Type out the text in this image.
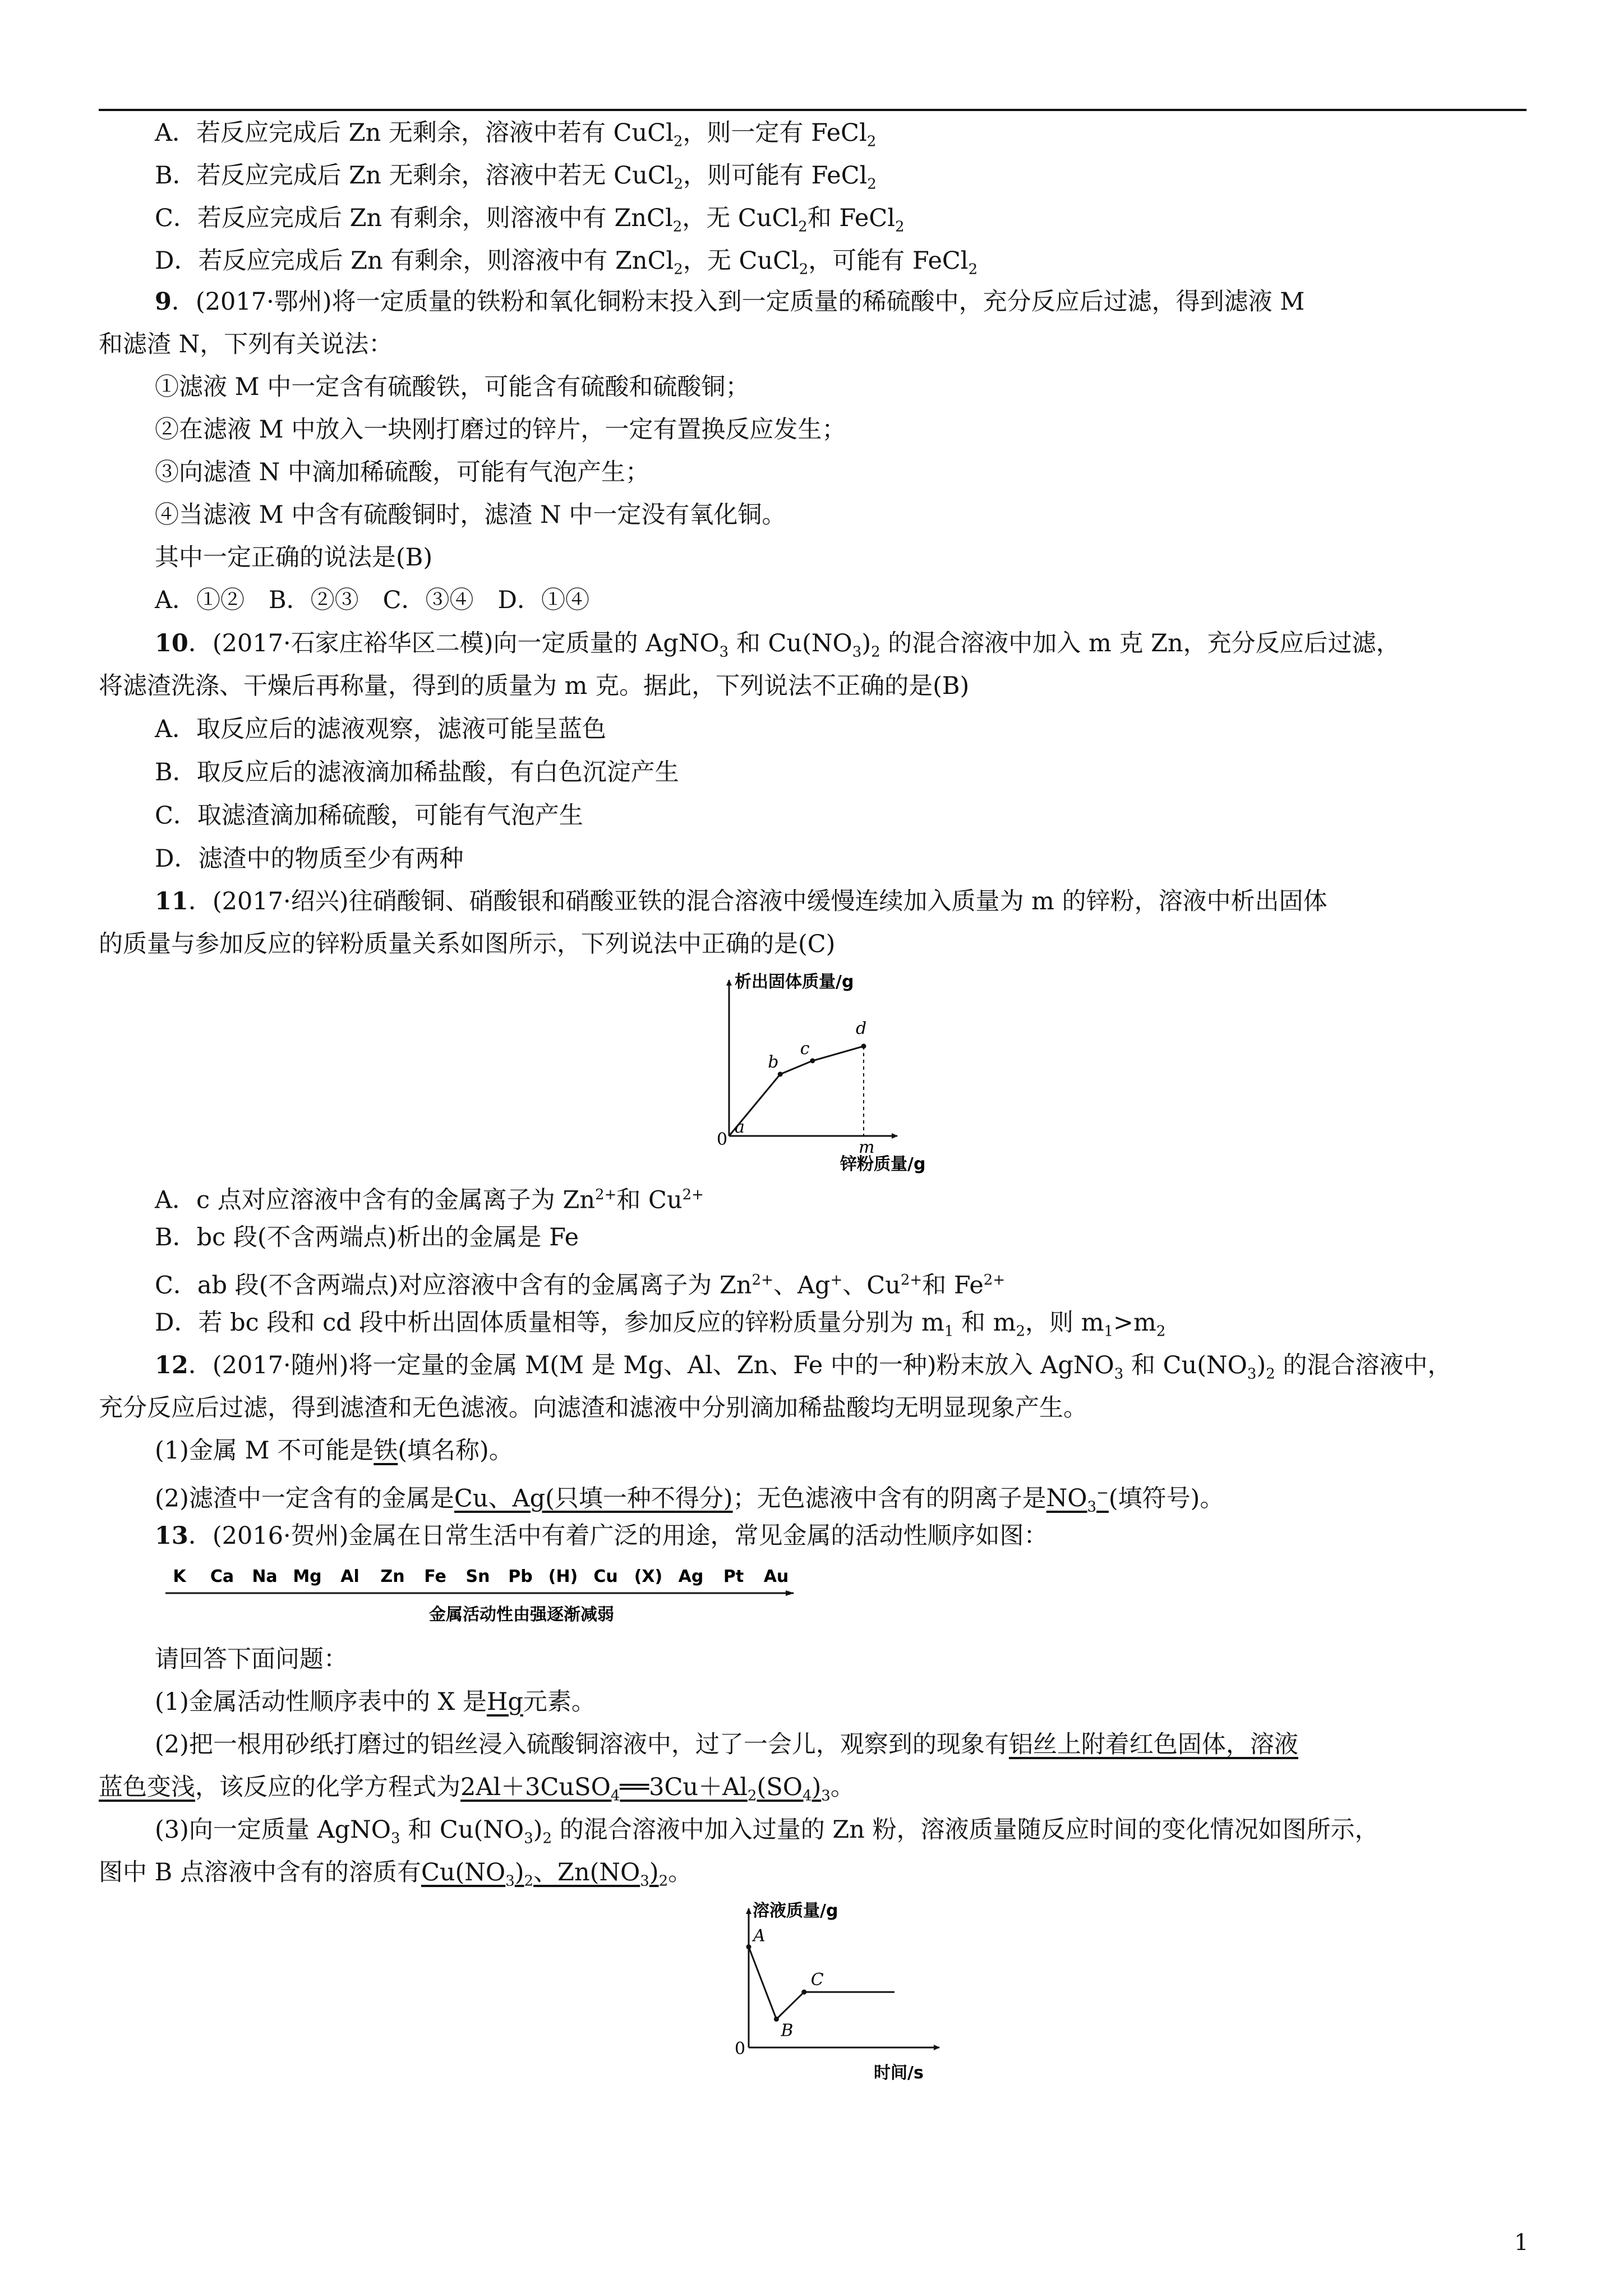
A．若反应完成后 Zn 无剩余，溶液中若有 CuCl$_2$，则一定有 FeCl$_2$
B．若反应完成后 Zn 无剩余，溶液中若无 CuCl$_2$，则可能有 FeCl$_2$
C．若反应完成后 Zn 有剩余，则溶液中有 ZnCl$_2$，无 CuCl$_2$和 FeCl$_2$
D．若反应完成后 Zn 有剩余，则溶液中有 ZnCl$_2$，无 CuCl$_2$，可能有 FeCl$_2$
9．(2017·鄂州)将一定质量的铁粉和氧化铜粉末投入到一定质量的稀硫酸中，充分反应后过滤，得到滤液 M
和滤渣 N，下列有关说法：
①滤液 M 中一定含有硫酸铁，可能含有硫酸和硫酸铜；
②在滤液 M 中放入一块刚打磨过的锌片，一定有置换反应发生；
③向滤渣 N 中滴加稀硫酸，可能有气泡产生；
④当滤液 M 中含有硫酸铜时，滤渣 N 中一定没有氧化铜。
其中一定正确的说法是(B)
A．①②　B．②③　C．③④　D．①④
10．(2017·石家庄裕华区二模)向一定质量的 AgNO$_3$ 和 $Cu(NO_3)_2$ 的混合溶液中加入 m 克 Zn，充分反应后过滤，
将滤渣洗涤、干燥后再称量，得到的质量为 m 克。据此，下列说法不正确的是(B)
A．取反应后的滤液观察，滤液可能呈蓝色
B．取反应后的滤液滴加稀盐酸，有白色沉淀产生
C．取滤渣滴加稀硫酸，可能有气泡产生
D．滤渣中的物质至少有两种
11．(2017·绍兴)往硝酸铜、硝酸银和硝酸亚铁的混合溶液中缓慢连续加入质量为 m 的锌粉，溶液中析出固体
的质量与参加反应的锌粉质量关系如图所示，下列说法中正确的是(C)
a
b
c
d
析出固体质量/g
锌粉质量/g
0	m
A．c 点对应溶液中含有的金属离子为 $Zn^{2+}$和 $Cu^{2+}$
B．bc 段(不含两端点)析出的金属是 Fe
C．ab 段(不含两端点)对应溶液中含有的金属离子为 $Zn^{2+}$、Ag+、$Cu^{2+}$和 $Fe^{2+}$
D．若 bc 段和 cd 段中析出固体质量相等，参加反应的锌粉质量分别为 $m_1$ 和 $m_2$，则 $m_1>m_2$
12．(2017·随州)将一定量的金属 M(M 是 Mg、Al、Zn、Fe 中的一种)粉末放入 AgNO$_3$ 和 $Cu(NO_3)_2$ 的混合溶液中，
充分反应后过滤，得到滤渣和无色滤液。向滤渣和滤液中分别滴加稀盐酸均无明显现象产生。
(1)金属 M 不可能是铁(填名称)。
(2)滤渣中一定含有的金属是Cu、Ag(只填一种不得分)；无色滤液中含有的阴离子是$NO_3^-$(填符号)。
13．(2016·贺州)金属在日常生活中有着广泛的用途，常见金属的活动性顺序如图：
K Ca Na Mg Al Zn Fe Sn Pb (H) Cu (X) Ag Pt Au
金属活动性由强逐渐减弱
请回答下面问题：
(1)金属活动性顺序表中的 X 是Hg元素。
(2)把一根用砂纸打磨过的铝丝浸入硫酸铜溶液中，过了一会儿，观察到的现象有铝丝上附着红色固体，溶液
蓝色变浅，该反应的化学方程式为$2Al+3CuSO_4══3Cu+Al_2(SO_4)_3$。
(3)向一定质量 AgNO$_3$ 和 $Cu(NO_3)_2$ 的混合溶液中加入过量的 Zn 粉，溶液质量随反应时间的变化情况如图所示，
图中 B 点溶液中含有的溶质有$Cu(NO_3)_2$、$Zn(NO_3)_2$。
A
B
C
溶液质量/g
时间/s
0
1
